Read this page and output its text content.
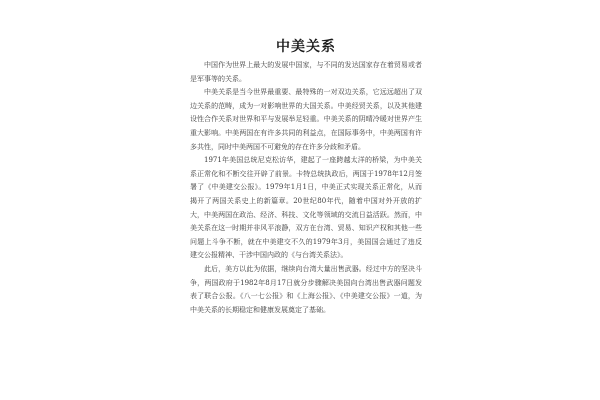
中美关系

中国作为世界上最大的发展中国家，与不同的发达国家存在着贸易或者是军事等的关系。

中美关系是当今世界最重要、最特殊的一对双边关系，它远远超出了双边关系的范畴，成为一对影响世界的大国关系。中美经贸关系，以及其他建设性合作关系对世界和平与发展举足轻重。中美关系的阴晴冷暖对世界产生重大影响。中美两国在有许多共同的利益点，在国际事务中，中美两国有许多共性，同时中美两国不可避免的存在许多分歧和矛盾。

1971年美国总统尼克松访华，建起了一座跨越太洋的桥梁，为中美关系正常化和不断交往开辟了前景。卡特总统执政后，两国于1978年12月签署了《中美建交公报》。1979年1月1日，中美正式实现关系正常化，从而揭开了两国关系史上的新篇章。20世纪80年代，随着中国对外开放的扩大，中美两国在政治、经济、科技、文化等领域的交流日益活跃。然而，中美关系在这一时期并非风平浪静，双方在台湾、贸易、知识产权和其他一些问题上斗争不断，就在中美建交不久的1979年3月，美国国会通过了违反建交公报精神、干涉中国内政的《与台湾关系法》。

此后，美方以此为依据，继续向台湾大量出售武器。经过中方的坚决斗争，两国政府于1982年8月17日就分步骤解决美国向台湾出售武器问题发表了联合公报。《八一七公报》和《上海公报》、《中美建交公报》一道，为中美关系的长期稳定和健康发展奠定了基础。
